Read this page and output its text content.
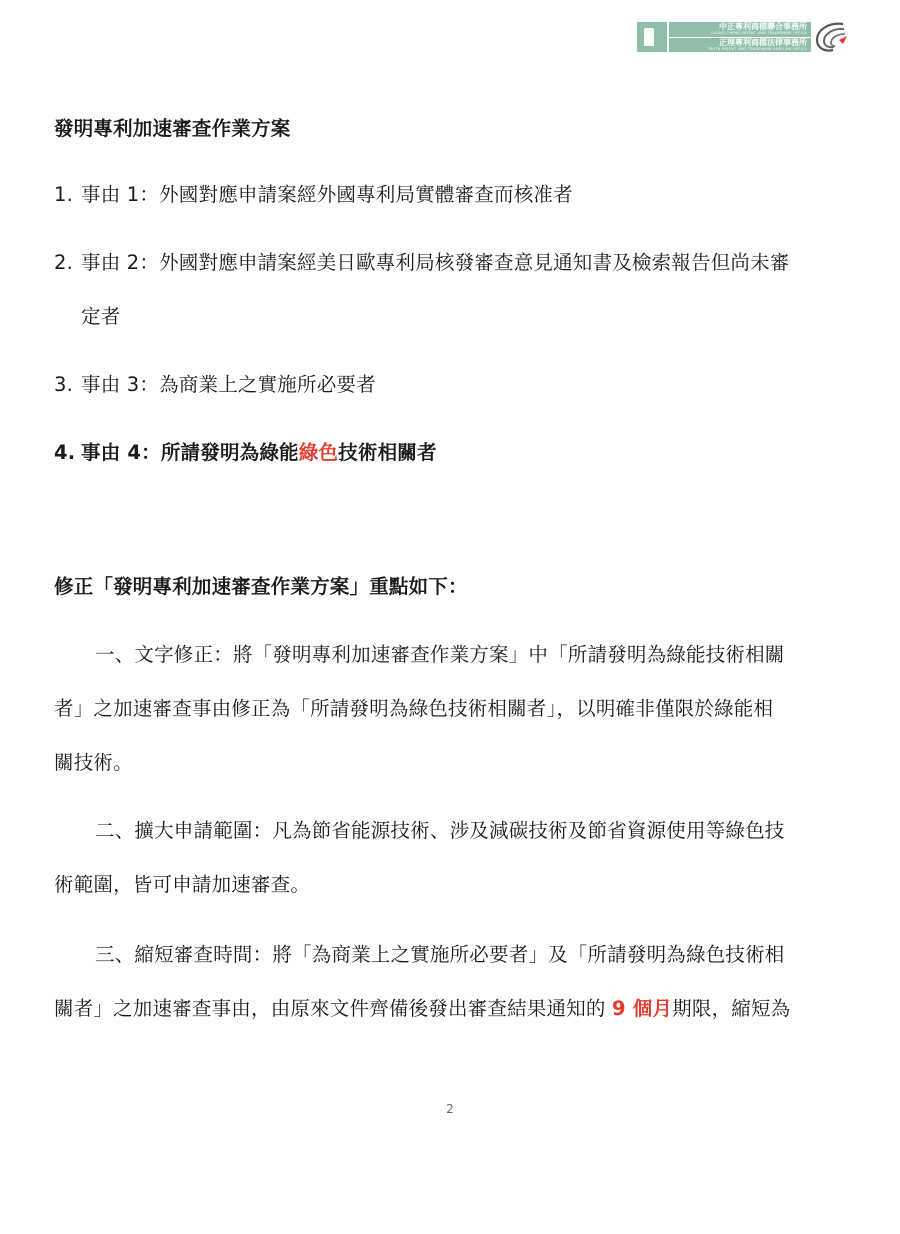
中正專利商標聯合事務所
CHUNG CHENG PATENT AND TRADEMARK OFFICE
正理專利商標法律事務所
TRUTH PATENT AND TRADEMARK AND LAW OFFICE
發明專利加速審查作業方案
1. 事由 1：外國對應申請案經外國專利局實體審查而核准者
2. 事由 2：外國對應申請案經美日歐專利局核發審查意見通知書及檢索報告但尚未審
定者
3. 事由 3：為商業上之實施所必要者
4. 事由 4：所請發明為綠能綠色技術相關者
修正「發明專利加速審查作業方案」重點如下：
一、文字修正：將「發明專利加速審查作業方案」中「所請發明為綠能技術相關
者」之加速審查事由修正為「所請發明為綠色技術相關者」，以明確非僅限於綠能相
關技術。
二、擴大申請範圍：凡為節省能源技術、涉及減碳技術及節省資源使用等綠色技
術範圍，皆可申請加速審查。
三、縮短審查時間：將「為商業上之實施所必要者」及「所請發明為綠色技術相
關者」之加速審查事由，由原來文件齊備後發出審查結果通知的 9 個月期限，縮短為
2
